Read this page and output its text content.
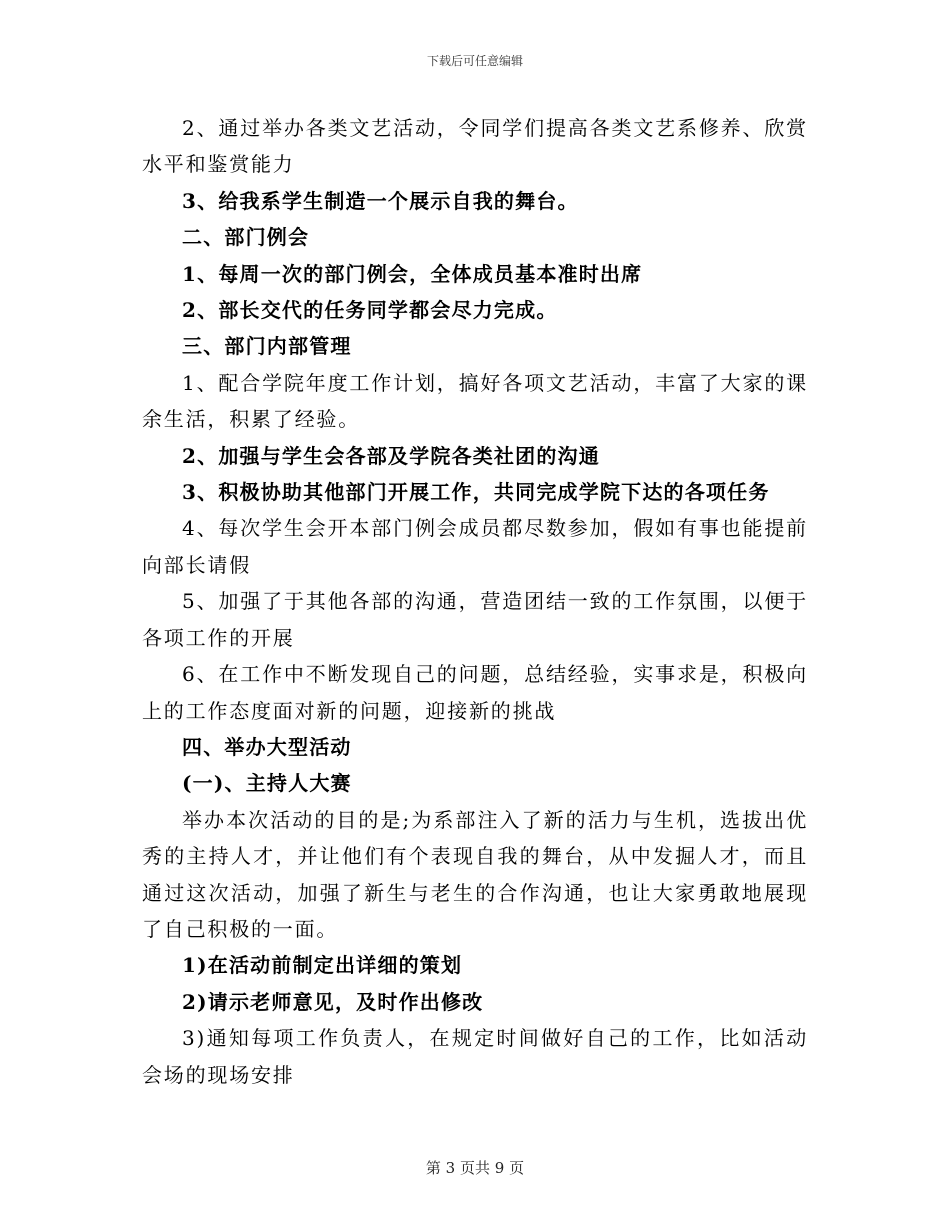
下载后可任意编辑

2、通过举办各类文艺活动，令同学们提高各类文艺系修养、欣赏水平和鉴赏能力

3、给我系学生制造一个展示自我的舞台。

二、部门例会

1、每周一次的部门例会，全体成员基本准时出席

2、部长交代的任务同学都会尽力完成。

三、部门内部管理

1、配合学院年度工作计划，搞好各项文艺活动，丰富了大家的课余生活，积累了经验。

2、加强与学生会各部及学院各类社团的沟通

3、积极协助其他部门开展工作，共同完成学院下达的各项任务

4、每次学生会开本部门例会成员都尽数参加，假如有事也能提前向部长请假

5、加强了于其他各部的沟通，营造团结一致的工作氛围，以便于各项工作的开展

6、在工作中不断发现自己的问题，总结经验，实事求是，积极向上的工作态度面对新的问题，迎接新的挑战

四、举办大型活动

(一)、主持人大赛

举办本次活动的目的是;为系部注入了新的活力与生机，选拔出优秀的主持人才，并让他们有个表现自我的舞台，从中发掘人才，而且通过这次活动，加强了新生与老生的合作沟通，也让大家勇敢地展现了自己积极的一面。

1)在活动前制定出详细的策划

2)请示老师意见，及时作出修改

3)通知每项工作负责人，在规定时间做好自己的工作，比如活动会场的现场安排

第 3 页共 9 页
